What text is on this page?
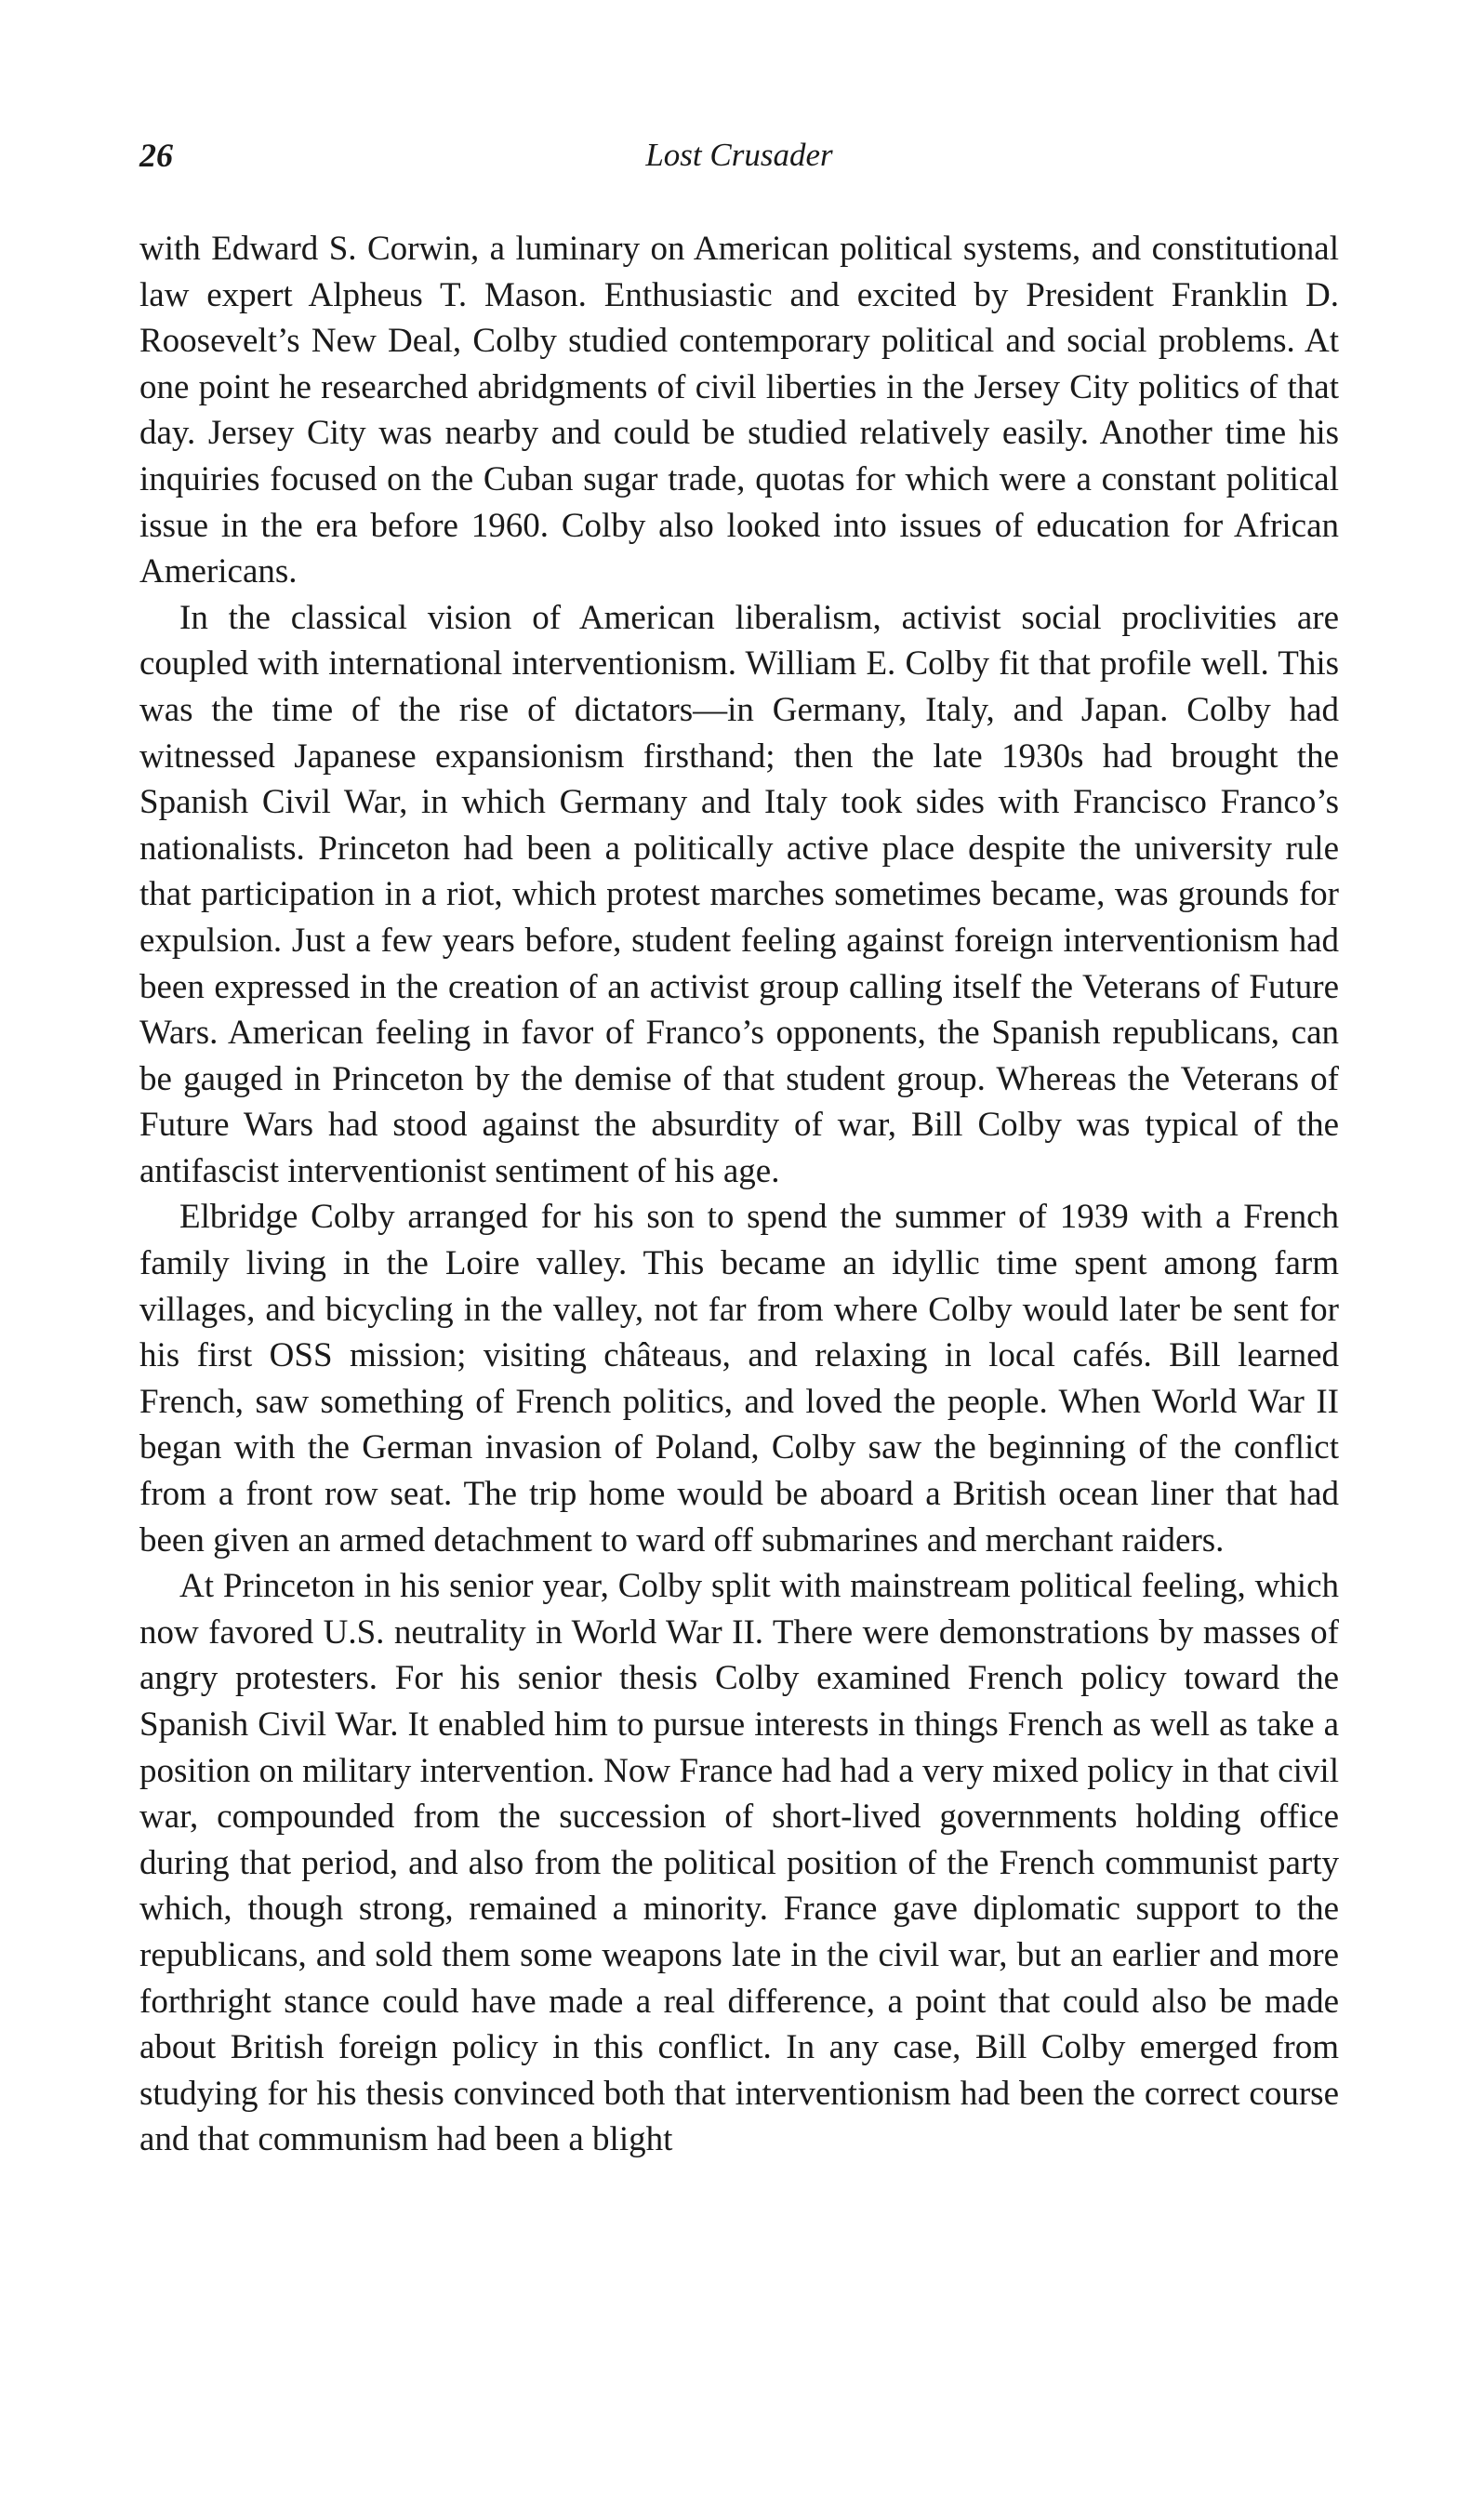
26	Lost Crusader

with Edward S. Corwin, a luminary on American political systems, and constitutional law expert Alpheus T. Mason. Enthusiastic and excited by President Franklin D. Roosevelt’s New Deal, Colby studied contemporary political and social problems. At one point he researched abridgments of civil liberties in the Jersey City politics of that day. Jersey City was nearby and could be studied relatively easily. Another time his inquiries focused on the Cuban sugar trade, quotas for which were a constant political issue in the era before 1960. Colby also looked into issues of education for African Americans.

In the classical vision of American liberalism, activist social proclivities are coupled with international interventionism. William E. Colby fit that profile well. This was the time of the rise of dictators—in Germany, Italy, and Japan. Colby had witnessed Japanese expansionism firsthand; then the late 1930s had brought the Spanish Civil War, in which Germany and Italy took sides with Francisco Franco’s nationalists. Princeton had been a politically active place despite the university rule that participation in a riot, which protest marches sometimes became, was grounds for expulsion. Just a few years before, student feeling against foreign interventionism had been expressed in the creation of an activist group calling itself the Veterans of Future Wars. American feeling in favor of Franco’s opponents, the Spanish republicans, can be gauged in Princeton by the demise of that student group. Whereas the Veterans of Future Wars had stood against the absurdity of war, Bill Colby was typical of the antifascist interventionist sentiment of his age.

Elbridge Colby arranged for his son to spend the summer of 1939 with a French family living in the Loire valley. This became an idyllic time spent among farm villages, and bicycling in the valley, not far from where Colby would later be sent for his first OSS mission; visiting châteaus, and relaxing in local cafés. Bill learned French, saw something of French politics, and loved the people. When World War II began with the German invasion of Poland, Colby saw the beginning of the conflict from a front row seat. The trip home would be aboard a British ocean liner that had been given an armed detachment to ward off submarines and merchant raiders.

At Princeton in his senior year, Colby split with mainstream political feeling, which now favored U.S. neutrality in World War II. There were demonstrations by masses of angry protesters. For his senior thesis Colby examined French policy toward the Spanish Civil War. It enabled him to pursue interests in things French as well as take a position on military intervention. Now France had had a very mixed policy in that civil war, compounded from the succession of short-lived governments holding office during that period, and also from the political position of the French communist party which, though strong, remained a minority. France gave diplomatic support to the republicans, and sold them some weapons late in the civil war, but an earlier and more forthright stance could have made a real difference, a point that could also be made about British foreign policy in this conflict. In any case, Bill Colby emerged from studying for his thesis convinced both that interventionism had been the correct course and that communism had been a blight
